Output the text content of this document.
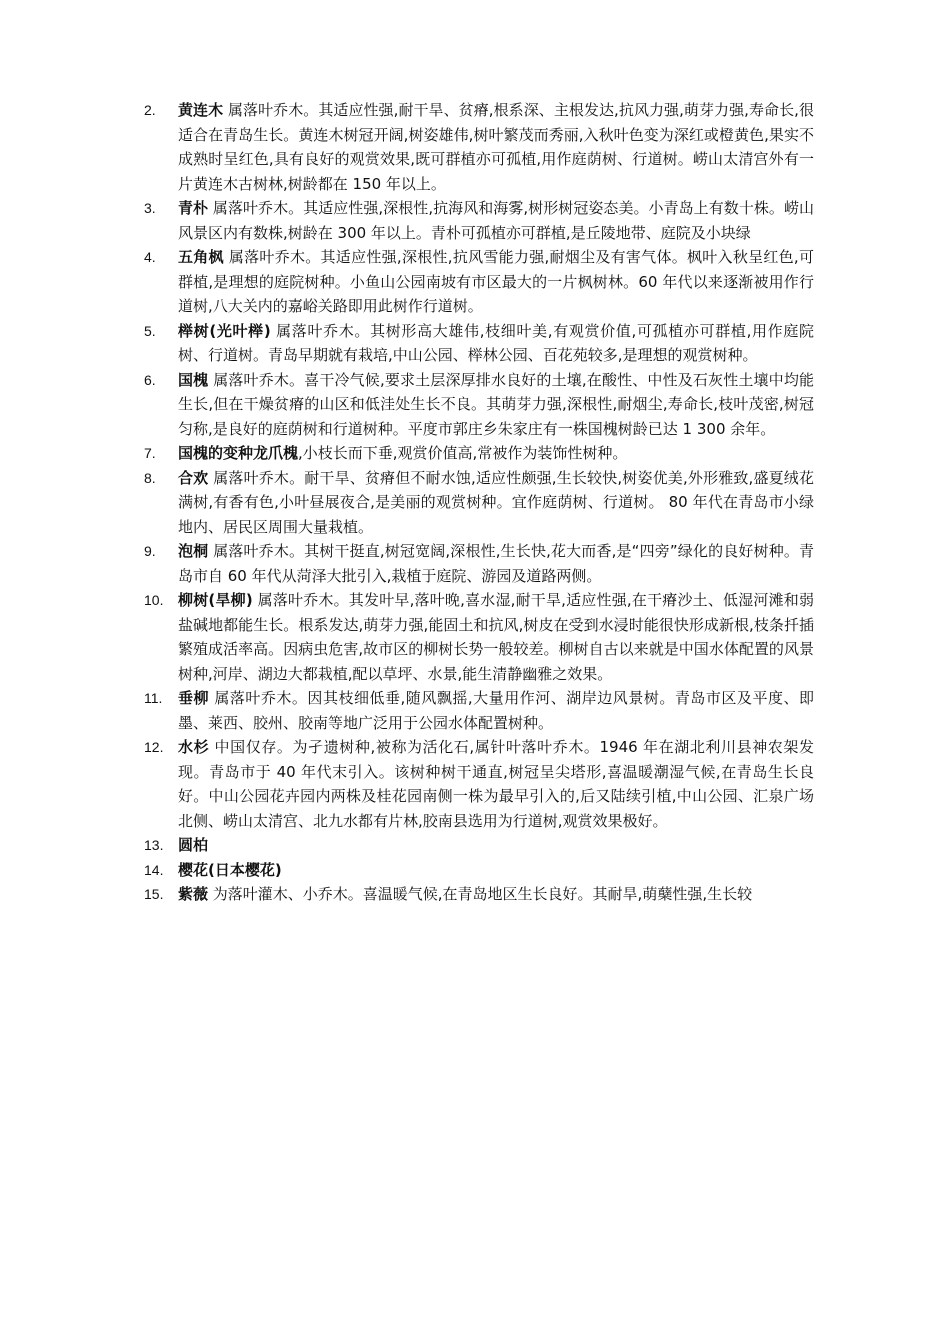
2.	黄连木 属落叶乔木。其适应性强,耐干旱、贫瘠,根系深、主根发达,抗风力强,萌芽力强,寿命长,很适合在青岛生长。黄连木树冠开阔,树姿雄伟,树叶繁茂而秀丽,入秋叶色变为深红或橙黄色,果实不成熟时呈红色,具有良好的观赏效果,既可群植亦可孤植,用作庭荫树、行道树。崂山太清宫外有一片黄连木古树林,树龄都在 150 年以上。
3.	青朴 属落叶乔木。其适应性强,深根性,抗海风和海雾,树形树冠姿态美。小青岛上有数十株。崂山风景区内有数株,树龄在 300 年以上。青朴可孤植亦可群植,是丘陵地带、庭院及小块绿
4.	五角枫 属落叶乔木。其适应性强,深根性,抗风雪能力强,耐烟尘及有害气体。枫叶入秋呈红色,可群植,是理想的庭院树种。小鱼山公园南坡有市区最大的一片枫树林。60 年代以来逐渐被用作行道树,八大关内的嘉峪关路即用此树作行道树。
5.	榉树(光叶榉) 属落叶乔木。其树形高大雄伟,枝细叶美,有观赏价值,可孤植亦可群植,用作庭院树、行道树。青岛早期就有栽培,中山公园、榉林公园、百花苑较多,是理想的观赏树种。
6.	国槐 属落叶乔木。喜干冷气候,要求土层深厚排水良好的土壤,在酸性、中性及石灰性土壤中均能生长,但在干燥贫瘠的山区和低洼处生长不良。其萌芽力强,深根性,耐烟尘,寿命长,枝叶茂密,树冠匀称,是良好的庭荫树和行道树种。平度市郭庄乡朱家庄有一株国槐树龄已达 1 300 余年。
7.	国槐的变种龙爪槐,小枝长而下垂,观赏价值高,常被作为装饰性树种。
8.	合欢 属落叶乔木。耐干旱、贫瘠但不耐水蚀,适应性颇强,生长较快,树姿优美,外形雅致,盛夏绒花满树,有香有色,小叶昼展夜合,是美丽的观赏树种。宜作庭荫树、行道树。 80 年代在青岛市小绿地内、居民区周围大量栽植。
9.	泡桐 属落叶乔木。其树干挺直,树冠宽阔,深根性,生长快,花大而香,是“四旁”绿化的良好树种。青岛市自 60 年代从菏泽大批引入,栽植于庭院、游园及道路两侧。
10. 柳树(旱柳) 属落叶乔木。其发叶早,落叶晚,喜水湿,耐干旱,适应性强,在干瘠沙土、低湿河滩和弱盐碱地都能生长。根系发达,萌芽力强,能固土和抗风,树皮在受到水浸时能很快形成新根,枝条扦插繁殖成活率高。因病虫危害,故市区的柳树长势一般较差。柳树自古以来就是中国水体配置的风景树种,河岸、湖边大都栽植,配以草坪、水景,能生清静幽雅之效果。
11.	垂柳 属落叶乔木。因其枝细低垂,随风飘摇,大量用作河、湖岸边风景树。青岛市区及平度、即墨、莱西、胶州、胶南等地广泛用于公园水体配置树种。
12. 水杉 中国仅存。为孑遗树种,被称为活化石,属针叶落叶乔木。1946 年在湖北利川县神农架发现。青岛市于 40 年代末引入。该树种树干通直,树冠呈尖塔形,喜温暖潮湿气候,在青岛生长良好。中山公园花卉园内两株及桂花园南侧一株为最早引入的,后又陆续引植,中山公园、汇泉广场北侧、崂山太清宫、北九水都有片林,胶南县选用为行道树,观赏效果极好。
13. 圆柏
14. 樱花(日本樱花)
15. 紫薇 为落叶灌木、小乔木。喜温暖气候,在青岛地区生长良好。其耐旱,萌蘖性强,生长较
